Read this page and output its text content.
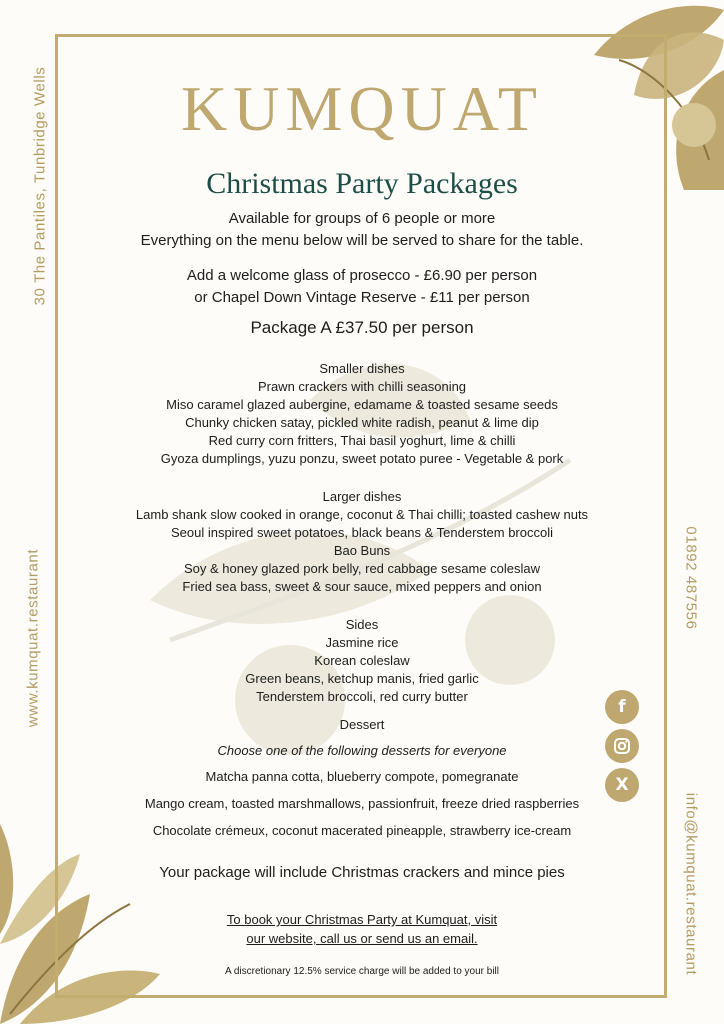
30 The Pantiles, Tunbridge Wells
www.kumquat.restaurant	01892 487556
info@kumquat.restaurant
KUMQUAT
Christmas Party Packages
Available for groups of 6 people or more
Everything on the menu below will be served to share for the table.
Add a welcome glass of prosecco - £6.90 per person
or Chapel Down Vintage Reserve - £11 per person
Package A £37.50 per person
Smaller dishes
Prawn crackers with chilli seasoning
Miso caramel glazed aubergine, edamame & toasted sesame seeds
Chunky chicken satay, pickled white radish, peanut & lime dip
Red curry corn fritters, Thai basil yoghurt, lime & chilli
Gyoza dumplings, yuzu ponzu, sweet potato puree - Vegetable & pork
Larger dishes
Lamb shank slow cooked in orange, coconut & Thai chilli; toasted cashew nuts
Seoul inspired sweet potatoes, black beans & Tenderstem broccoli
Bao Buns
Soy & honey glazed pork belly, red cabbage sesame coleslaw
Fried sea bass, sweet & sour sauce, mixed peppers and onion
Sides
Jasmine rice
Korean coleslaw
Green beans, ketchup manis, fried garlic
Tenderstem broccoli, red curry butter
Dessert
Choose one of the following desserts for everyone
Matcha panna cotta, blueberry compote, pomegranate
Mango cream, toasted marshmallows, passionfruit, freeze dried raspberries
Chocolate crémeux, coconut macerated pineapple, strawberry ice-cream
Your package will include Christmas crackers and mince pies
To book your Christmas Party at Kumquat, visit
our website, call us or send us an email.
A discretionary 12.5% service charge will be added to your bill
f
X
